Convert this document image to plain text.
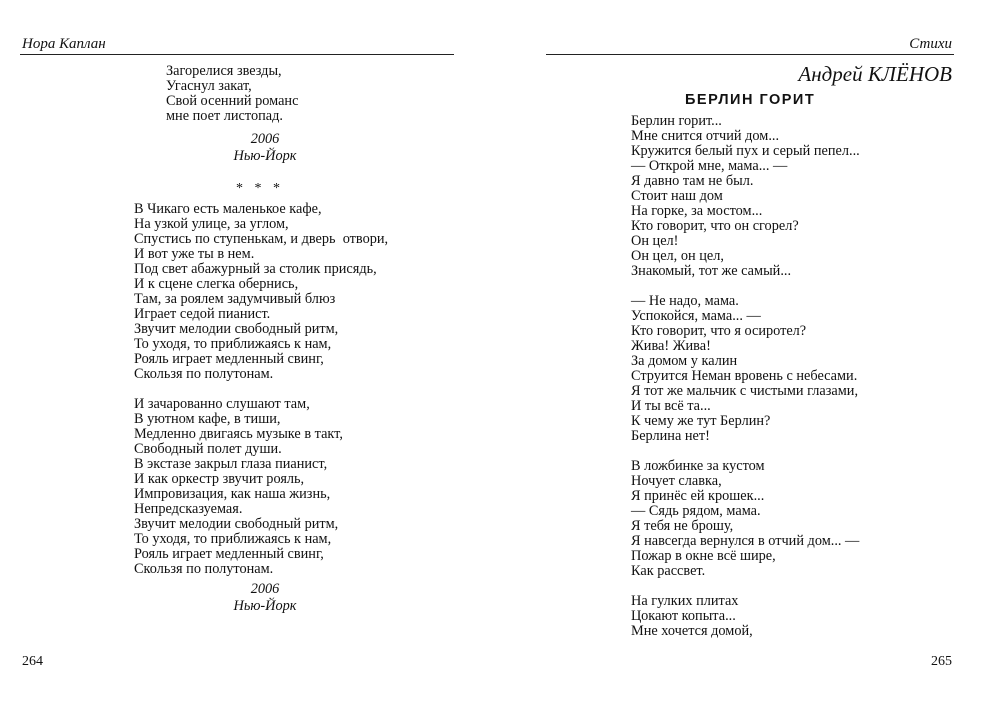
Нора Каплан
Загорелися звезды,
Угаснул закат,
Свой осенний романс
мне поет листопад.
2006
Нью-Йорк
* * *
В Чикаго есть маленькое кафе,
На узкой улице, за углом,
Спустись по ступенькам, и дверь  отвори,
И вот уже ты в нем.
Под свет абажурный за столик присядь,
И к сцене слегка обернись,
Там, за роялем задумчивый блюз
Играет седой пианист.
Звучит мелодии свободный ритм,
То уходя, то приближаясь к нам,
Рояль играет медленный свинг,
Скользя по полутонам.
И зачарованно слушают там,
В уютном кафе, в тиши,
Медленно двигаясь музыке в такт,
Свободный полет души.
В экстазе закрыл глаза пианист,
И как оркестр звучит рояль,
Импровизация, как наша жизнь,
Непредсказуемая.
Звучит мелодии свободный ритм,
То уходя, то приближаясь к нам,
Рояль играет медленный свинг,
Скользя по полутонам.
2006
Нью-Йорк
264
Стихи
Андрей КЛЁНОВ
БЕРЛИН ГОРИТ
Берлин горит...
Мне снится отчий дом...
Кружится белый пух и серый пепел...
— Открой мне, мама... —
Я давно там не был.
Стоит наш дом
На горке, за мостом...
Кто говорит, что он сгорел?
Он цел!
Он цел, он цел,
Знакомый, тот же самый...
— Не надо, мама.
Успокойся, мама... —
Кто говорит, что я осиротел?
Жива! Жива!
За домом у калин
Струится Неман вровень с небесами.
Я тот же мальчик с чистыми глазами,
И ты всё та...
К чему же тут Берлин?
Берлина нет!
В ложбинке за кустом
Ночует славка,
Я принёс ей крошек...
— Сядь рядом, мама.
Я тебя не брошу,
Я навсегда вернулся в отчий дом... —
Пожар в окне всё шире,
Как рассвет.
На гулких плитах
Цокают копыта...
Мне хочется домой,
265
